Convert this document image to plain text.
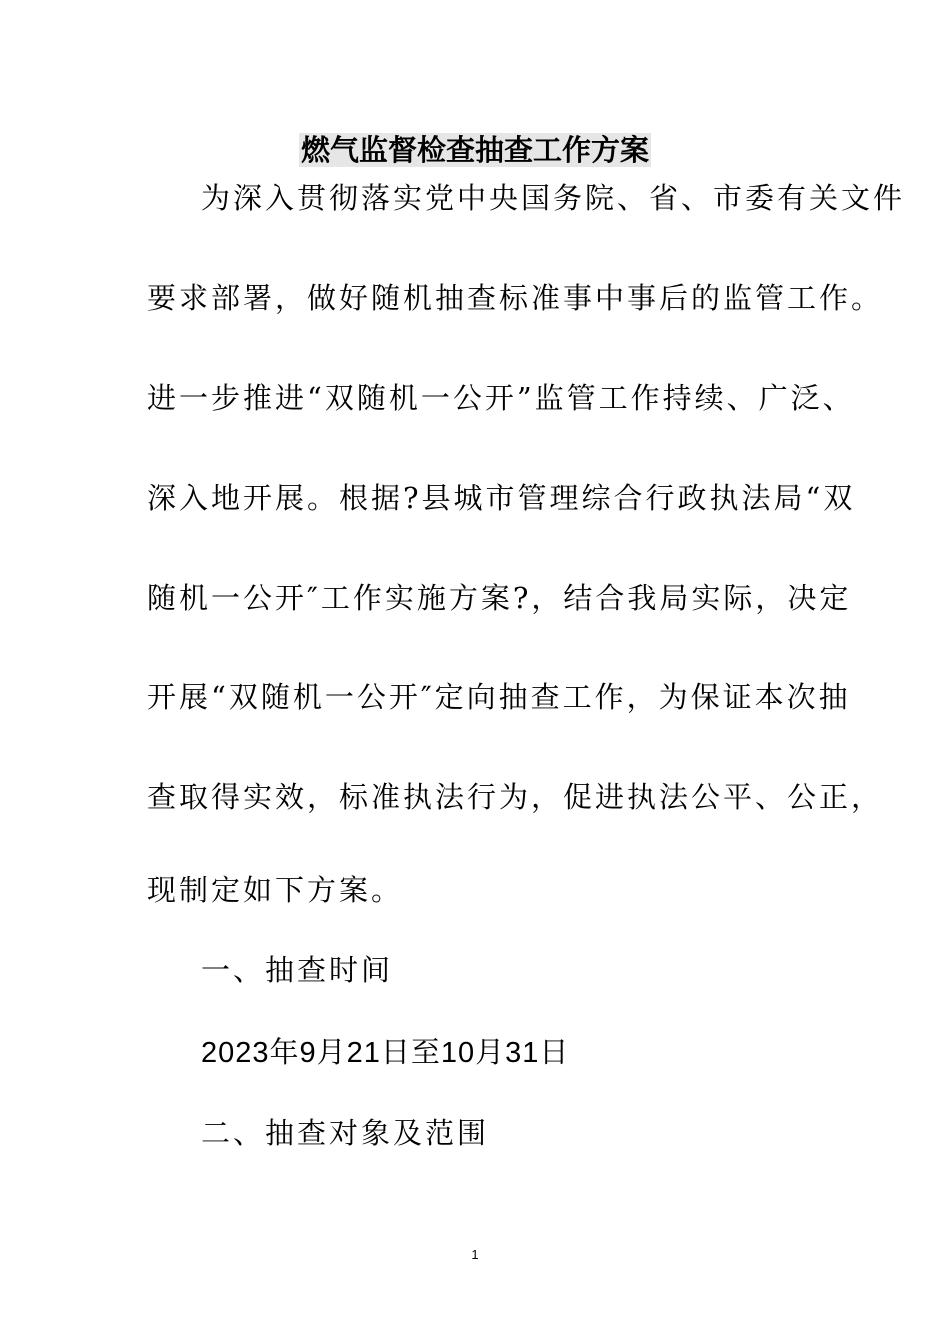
燃气监督检查抽查工作方案
为深入贯彻落实党中央国务院、省、市委有关文件
要求部署，做好随机抽查标准事中事后的监管工作。
进一步推进“双随机一公开”监管工作持续、广泛、
深入地开展。根据?县城市管理综合行政执法局“双
随机一公开″工作实施方案?，结合我局实际，决定
开展“双随机一公开″定向抽查工作，为保证本次抽
查取得实效，标准执法行为，促进执法公平、公正，
现制定如下方案。
一、抽查时间
2023年9月21日至10月31日
二、抽查对象及范围
1
